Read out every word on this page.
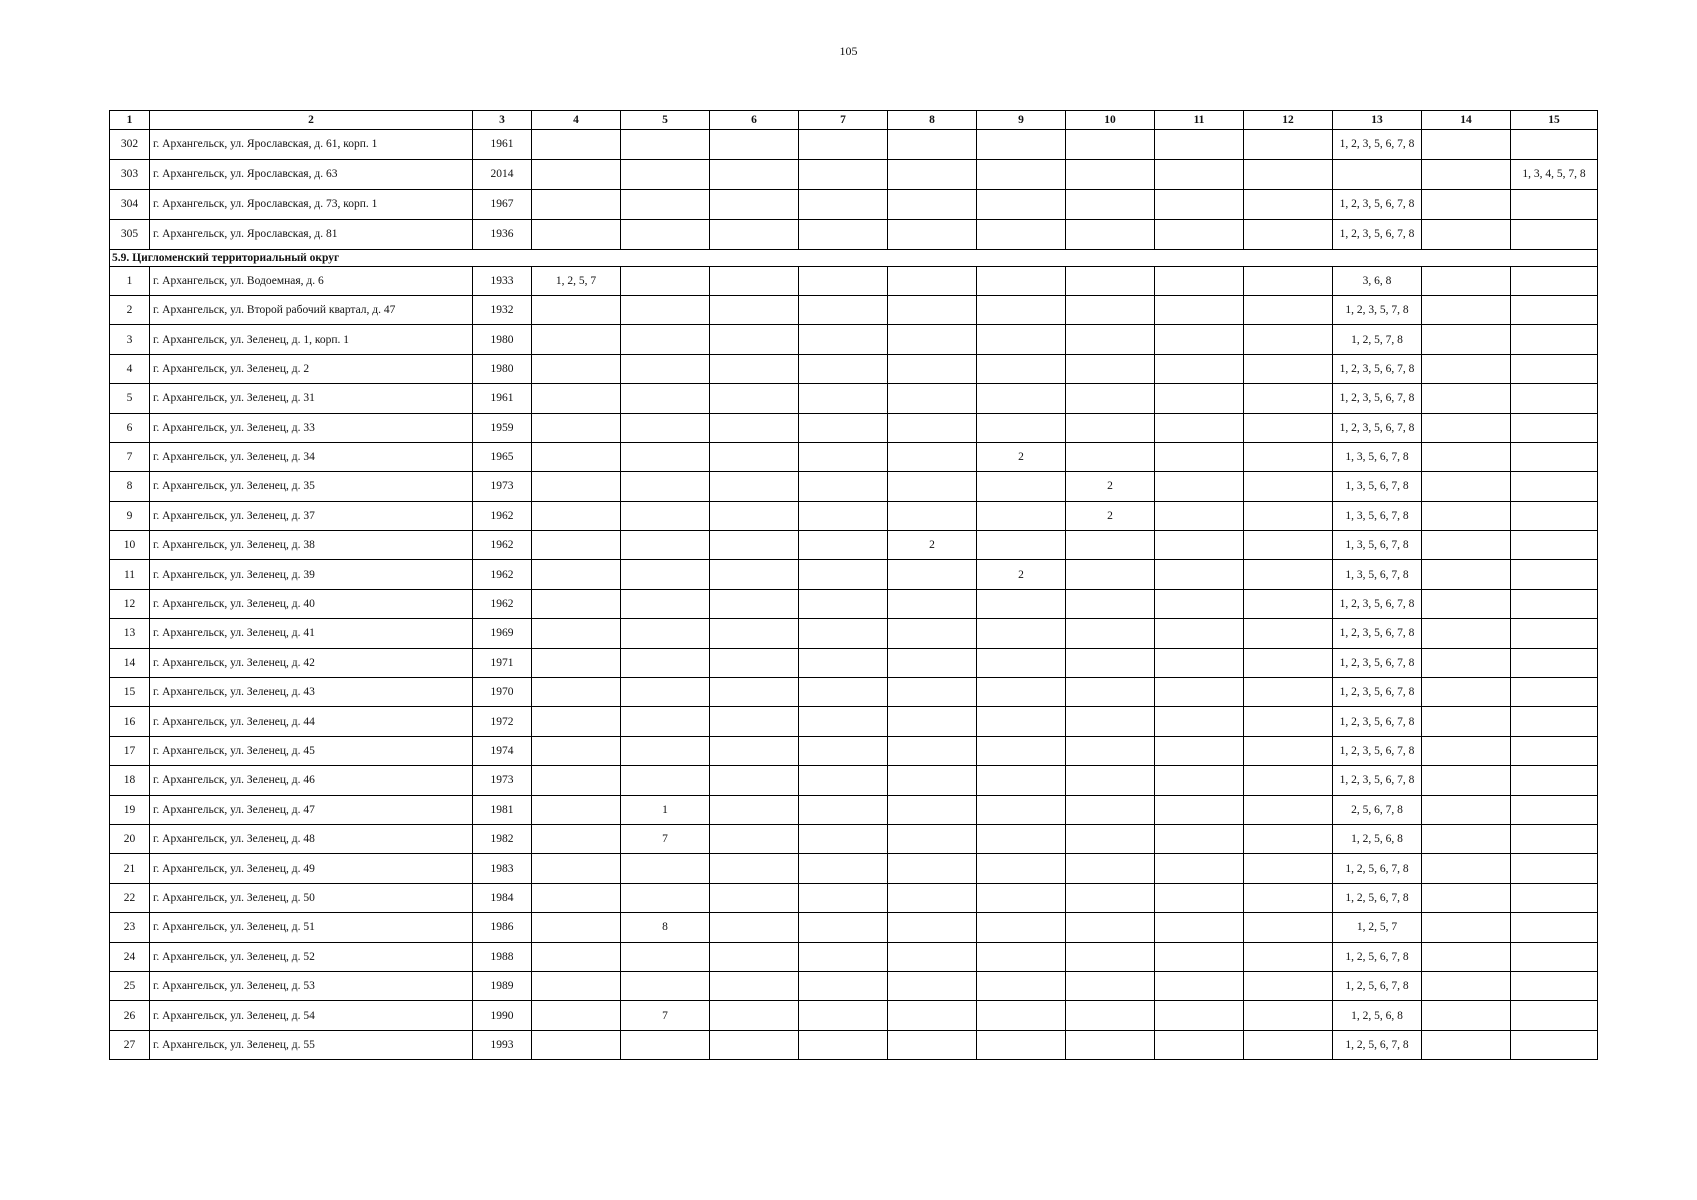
105
1	2	3	4	5	6	7	8	9	10	11	12	13	14	15
302	г. Архангельск, ул. Ярославская, д. 61, корп. 1	1961										1, 2, 3, 5, 6, 7, 8		
303	г. Архангельск, ул. Ярославская, д. 63	2014												1, 3, 4, 5, 7, 8
304	г. Архангельск, ул. Ярославская, д. 73, корп. 1	1967										1, 2, 3, 5, 6, 7, 8		
305	г. Архангельск, ул. Ярославская, д. 81	1936										1, 2, 3, 5, 6, 7, 8		
5.9. Цигломенский территориальный округ														
1	г. Архангельск, ул. Водоемная, д. 6	1933	1, 2, 5, 7									3, 6, 8		
2	г. Архангельск, ул. Второй рабочий квартал, д. 47	1932										1, 2, 3, 5, 7, 8		
3	г. Архангельск, ул. Зеленец, д. 1, корп. 1	1980										1, 2, 5, 7, 8		
4	г. Архангельск, ул. Зеленец, д. 2	1980										1, 2, 3, 5, 6, 7, 8		
5	г. Архангельск, ул. Зеленец, д. 31	1961										1, 2, 3, 5, 6, 7, 8		
6	г. Архангельск, ул. Зеленец, д. 33	1959										1, 2, 3, 5, 6, 7, 8		
7	г. Архангельск, ул. Зеленец, д. 34	1965						2				1, 3, 5, 6, 7, 8		
8	г. Архангельск, ул. Зеленец, д. 35	1973							2			1, 3, 5, 6, 7, 8		
9	г. Архангельск, ул. Зеленец, д. 37	1962							2			1, 3, 5, 6, 7, 8		
10	г. Архангельск, ул. Зеленец, д. 38	1962					2					1, 3, 5, 6, 7, 8		
11	г. Архангельск, ул. Зеленец, д. 39	1962						2				1, 3, 5, 6, 7, 8		
12	г. Архангельск, ул. Зеленец, д. 40	1962										1, 2, 3, 5, 6, 7, 8		
13	г. Архангельск, ул. Зеленец, д. 41	1969										1, 2, 3, 5, 6, 7, 8		
14	г. Архангельск, ул. Зеленец, д. 42	1971										1, 2, 3, 5, 6, 7, 8		
15	г. Архангельск, ул. Зеленец, д. 43	1970										1, 2, 3, 5, 6, 7, 8		
16	г. Архангельск, ул. Зеленец, д. 44	1972										1, 2, 3, 5, 6, 7, 8		
17	г. Архангельск, ул. Зеленец, д. 45	1974										1, 2, 3, 5, 6, 7, 8		
18	г. Архангельск, ул. Зеленец, д. 46	1973										1, 2, 3, 5, 6, 7, 8		
19	г. Архангельск, ул. Зеленец, д. 47	1981		1								2, 5, 6, 7, 8		
20	г. Архангельск, ул. Зеленец, д. 48	1982		7								1, 2, 5, 6, 8		
21	г. Архангельск, ул. Зеленец, д. 49	1983										1, 2, 5, 6, 7, 8		
22	г. Архангельск, ул. Зеленец, д. 50	1984										1, 2, 5, 6, 7, 8		
23	г. Архангельск, ул. Зеленец, д. 51	1986		8								1, 2, 5, 7		
24	г. Архангельск, ул. Зеленец, д. 52	1988										1, 2, 5, 6, 7, 8		
25	г. Архангельск, ул. Зеленец, д. 53	1989										1, 2, 5, 6, 7, 8		
26	г. Архангельск, ул. Зеленец, д. 54	1990		7								1, 2, 5, 6, 8		
27	г. Архангельск, ул. Зеленец, д. 55	1993										1, 2, 5, 6, 7, 8		
